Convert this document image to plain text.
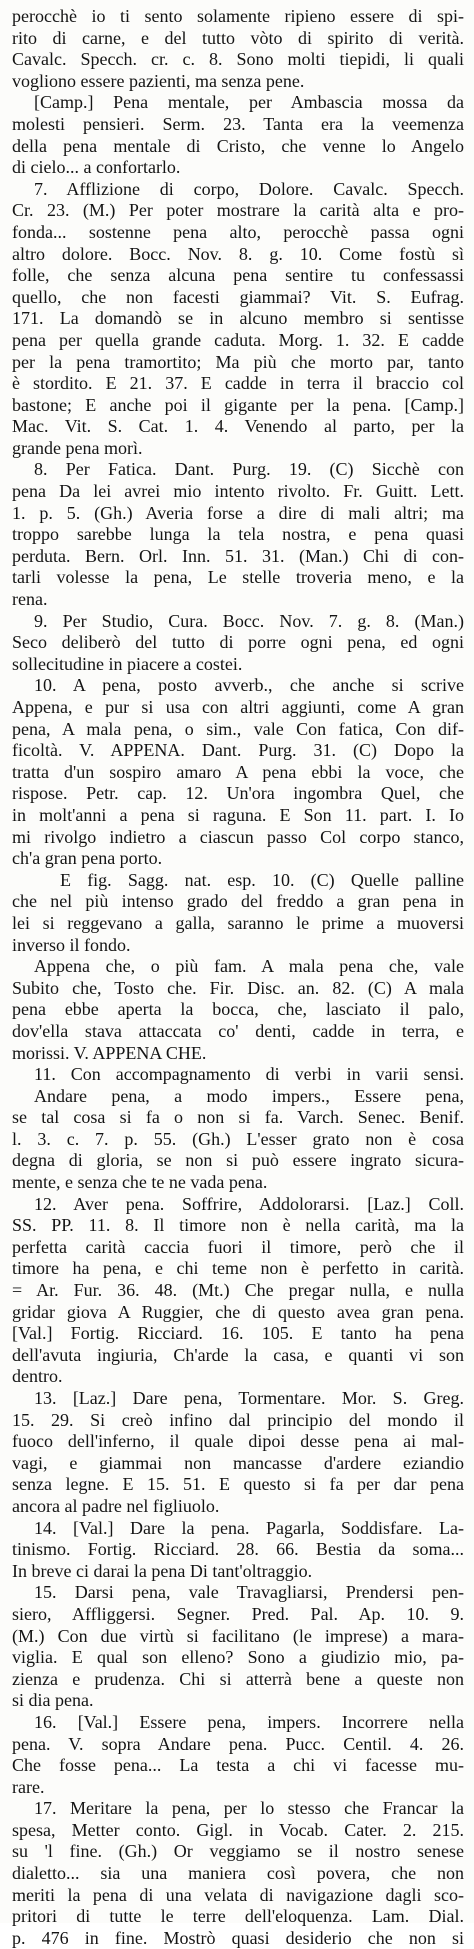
perocchè io ti sento solamente ripieno essere di spi-
rito di carne, e del tutto vòto di spirito di verità.
Cavalc. Specch. cr. c. 8. Sono molti tiepidi, li quali
vogliono essere pazienti, ma senza pene.
[Camp.] Pena mentale, per Ambascia mossa da
molesti pensieri. Serm. 23. Tanta era la veemenza
della pena mentale di Cristo, che venne lo Angelo
di cielo... a confortarlo.
7. Afflizione di corpo, Dolore. Cavalc. Specch.
Cr. 23. (M.) Per poter mostrare la carità alta e pro-
fonda... sostenne pena alto, perocchè passa ogni
altro dolore. Bocc. Nov. 8. g. 10. Come fostù sì
folle, che senza alcuna pena sentire tu confessassi
quello, che non facesti giammai? Vit. S. Eufrag.
171. La domandò se in alcuno membro si sentisse
pena per quella grande caduta. Morg. 1. 32. E cadde
per la pena tramortito; Ma più che morto par, tanto
è stordito. E 21. 37. E cadde in terra il braccio col
bastone; E anche poi il gigante per la pena. [Camp.]
Mac. Vit. S. Cat. 1. 4. Venendo al parto, per la
grande pena morì.
8. Per Fatica. Dant. Purg. 19. (C) Sicchè con
pena Da lei avrei mio intento rivolto. Fr. Guitt. Lett.
1. p. 5. (Gh.) Averia forse a dire di mali altri; ma
troppo sarebbe lunga la tela nostra, e pena quasi
perduta. Bern. Orl. Inn. 51. 31. (Man.) Chi di con-
tarli volesse la pena, Le stelle troveria meno, e la
rena.
9. Per Studio, Cura. Bocc. Nov. 7. g. 8. (Man.)
Seco deliberò del tutto di porre ogni pena, ed ogni
sollecitudine in piacere a costei.
10. A pena, posto avverb., che anche si scrive
Appena, e pur si usa con altri aggiunti, come A gran
pena, A mala pena, o sim., vale Con fatica, Con dif-
ficoltà. V. APPENA. Dant. Purg. 31. (C) Dopo la
tratta d'un sospiro amaro A pena ebbi la voce, che
rispose. Petr. cap. 12. Un'ora ingombra Quel, che
in molt'anni a pena si raguna. E Son 11. part. I. Io
mi rivolgo indietro a ciascun passo Col corpo stanco,
ch'a gran pena porto.
E fig. Sagg. nat. esp. 10. (C) Quelle palline
che nel più intenso grado del freddo a gran pena in
lei si reggevano a galla, saranno le prime a muoversi
inverso il fondo.
Appena che, o più fam. A mala pena che, vale
Subito che, Tosto che. Fir. Disc. an. 82. (C) A mala
pena ebbe aperta la bocca, che, lasciato il palo,
dov'ella stava attaccata co' denti, cadde in terra, e
morissi. V. APPENA CHE.
11. Con accompagnamento di verbi in varii sensi.
Andare pena, a modo impers., Essere pena,
se tal cosa si fa o non si fa. Varch. Senec. Benif.
l. 3. c. 7. p. 55. (Gh.) L'esser grato non è cosa
degna di gloria, se non si può essere ingrato sicura-
mente, e senza che te ne vada pena.
12. Aver pena. Soffrire, Addolorarsi. [Laz.] Coll.
SS. PP. 11. 8. Il timore non è nella carità, ma la
perfetta carità caccia fuori il timore, però che il
timore ha pena, e chi teme non è perfetto in carità.
= Ar. Fur. 36. 48. (Mt.) Che pregar nulla, e nulla
gridar giova A Ruggier, che di questo avea gran pena.
[Val.] Fortig. Ricciard. 16. 105. E tanto ha pena
dell'avuta ingiuria, Ch'arde la casa, e quanti vi son
dentro.
13. [Laz.] Dare pena, Tormentare. Mor. S. Greg.
15. 29. Si creò infino dal principio del mondo il
fuoco dell'inferno, il quale dipoi desse pena ai mal-
vagi, e giammai non mancasse d'ardere eziandio
senza legne. E 15. 51. E questo si fa per dar pena
ancora al padre nel figliuolo.
14. [Val.] Dare la pena. Pagarla, Soddisfare. La-
tinismo. Fortig. Ricciard. 28. 66. Bestia da soma...
In breve ci darai la pena Di tant'oltraggio.
15. Darsi pena, vale Travagliarsi, Prendersi pen-
siero, Affliggersi. Segner. Pred. Pal. Ap. 10. 9.
(M.) Con due virtù si facilitano (le imprese) a mara-
viglia. E qual son elleno? Sono a giudizio mio, pa-
zienza e prudenza. Chi si atterrà bene a queste non
si dia pena.
16. [Val.] Essere pena, impers. Incorrere nella
pena. V. sopra Andare pena. Pucc. Centil. 4. 26.
Che fosse pena... La testa a chi vi facesse mu-
rare.
17. Meritare la pena, per lo stesso che Francar la
spesa, Metter conto. Gigl. in Vocab. Cater. 2. 215.
su 'l fine. (Gh.) Or veggiamo se il nostro senese
dialetto... sia una maniera così povera, che non
meriti la pena di una velata di navigazione dagli sco-
pritori di tutte le terre dell'eloquenza. Lam. Dial.
p. 476 in fine. Mostrò quasi desiderio che non si
